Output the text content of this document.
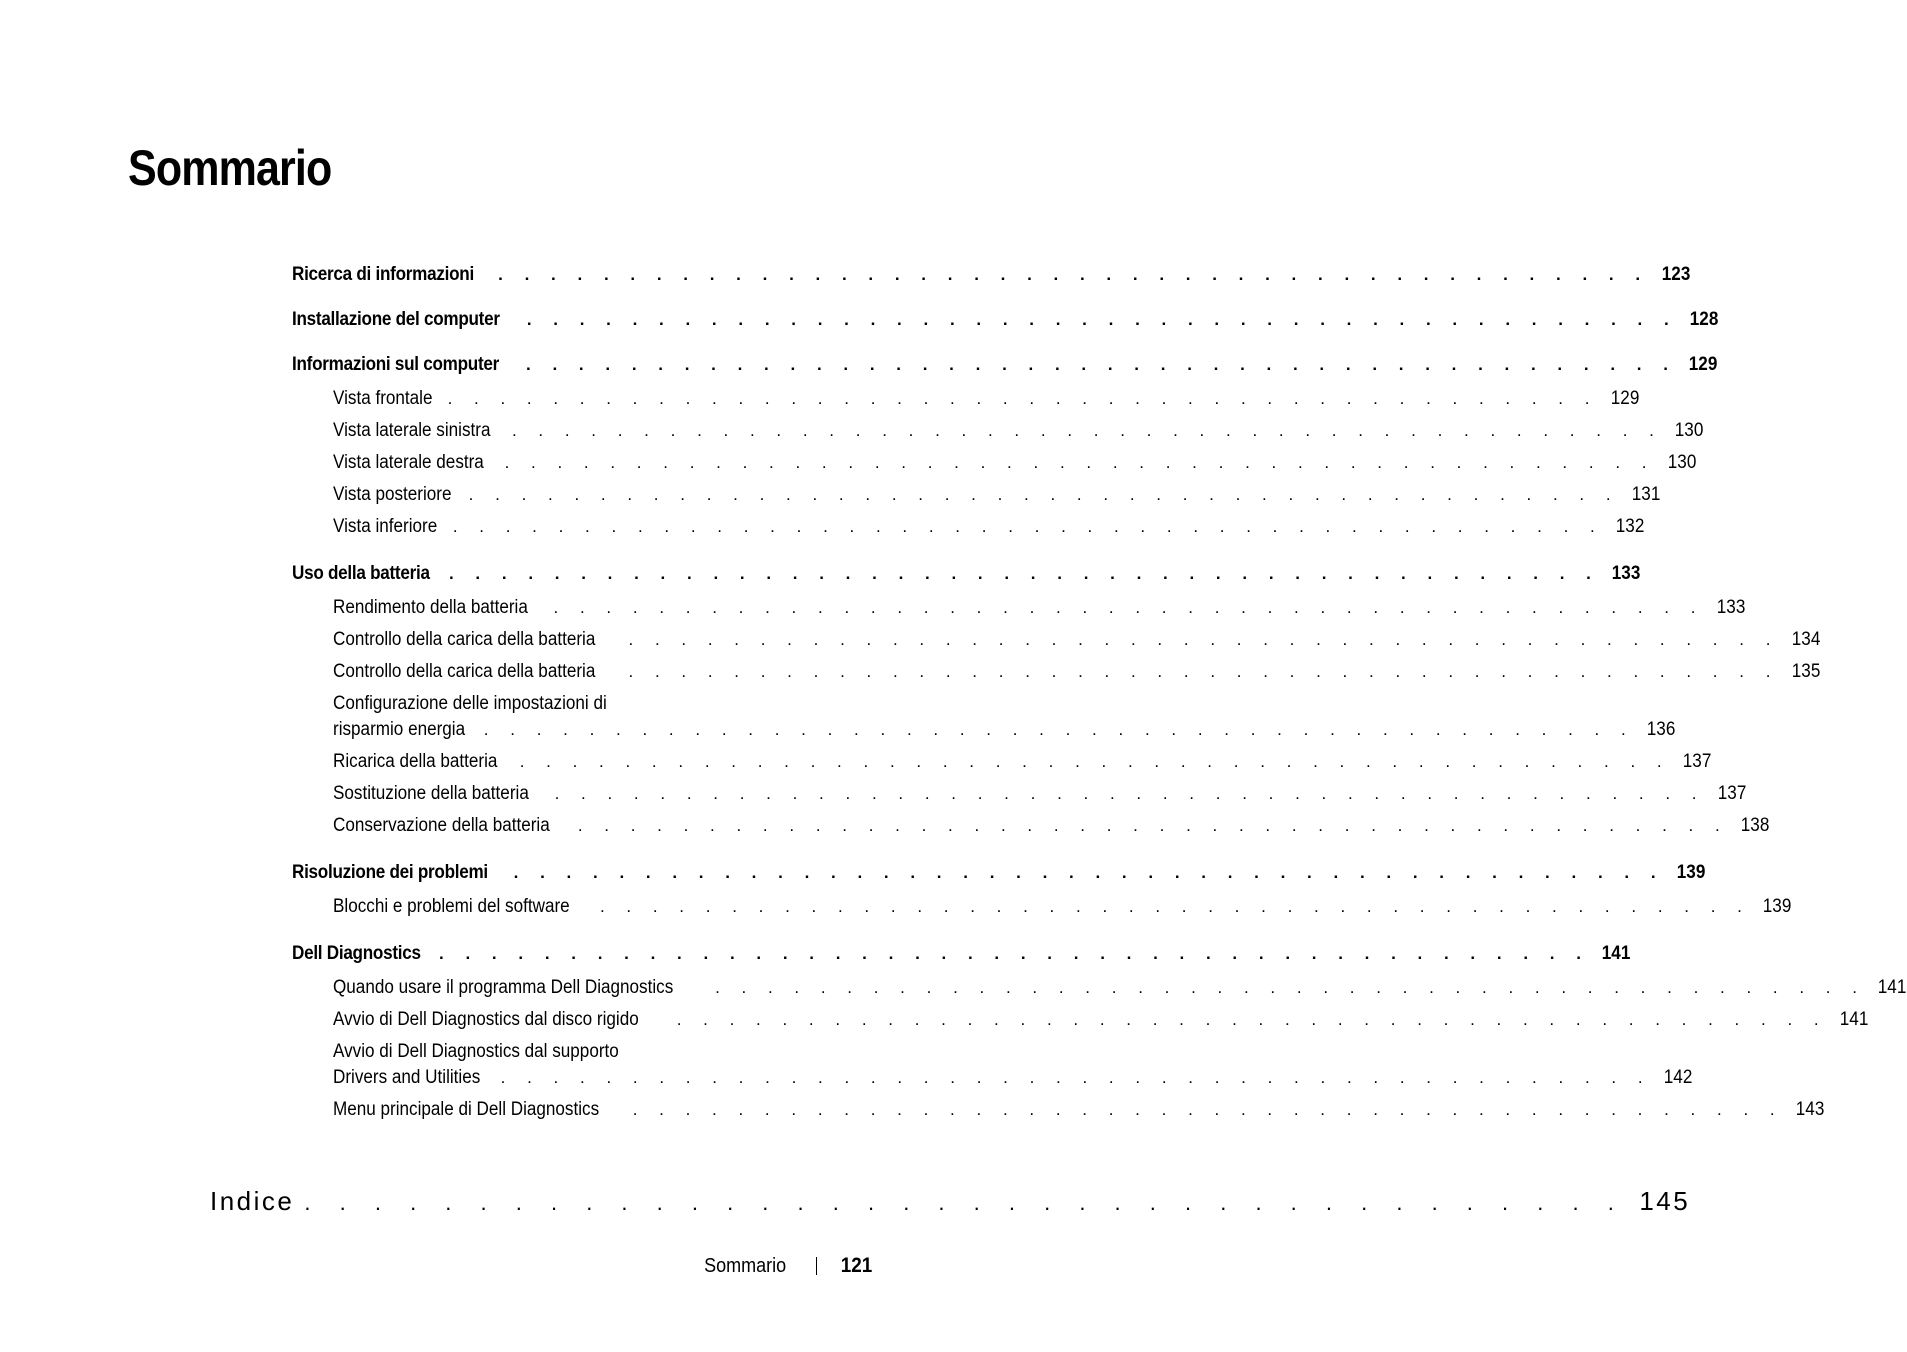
Sommario
Ricerca di informazioni . . . . . . . . . . . . . . . . . . . . . . . . . . . . . . . . . . . . . . . . . . . . 123
Installazione del computer . . . . . . . . . . . . . . . . . . . . . . . . . . . . . . . . . . . . . . . . . . . . 128
Informazioni sul computer . . . . . . . . . . . . . . . . . . . . . . . . . . . . . . . . . . . . . . . . . . . . 129
Vista frontale . . . . . . . . . . . . . . . . . . . . . . . . . . . . . . . . . . . . . . . . . . . . 129
Vista laterale sinistra . . . . . . . . . . . . . . . . . . . . . . . . . . . . . . . . . . . . . . . . . . . . 130
Vista laterale destra . . . . . . . . . . . . . . . . . . . . . . . . . . . . . . . . . . . . . . . . . . . . 130
Vista posteriore . . . . . . . . . . . . . . . . . . . . . . . . . . . . . . . . . . . . . . . . . . . . 131
Vista inferiore . . . . . . . . . . . . . . . . . . . . . . . . . . . . . . . . . . . . . . . . . . . . 132
Uso della batteria . . . . . . . . . . . . . . . . . . . . . . . . . . . . . . . . . . . . . . . . . . . . 133
Rendimento della batteria . . . . . . . . . . . . . . . . . . . . . . . . . . . . . . . . . . . . . . . . . . . . 133
Controllo della carica della batteria . . . . . . . . . . . . . . . . . . . . . . . . . . . . . . . . . . . . . . . . . . . . 134
Controllo della carica della batteria . . . . . . . . . . . . . . . . . . . . . . . . . . . . . . . . . . . . . . . . . . . . 135
Configurazione delle impostazioni di
risparmio energia . . . . . . . . . . . . . . . . . . . . . . . . . . . . . . . . . . . . . . . . . . . . 136
Ricarica della batteria . . . . . . . . . . . . . . . . . . . . . . . . . . . . . . . . . . . . . . . . . . . . 137
Sostituzione della batteria . . . . . . . . . . . . . . . . . . . . . . . . . . . . . . . . . . . . . . . . . . . . 137
Conservazione della batteria . . . . . . . . . . . . . . . . . . . . . . . . . . . . . . . . . . . . . . . . . . . . 138
Risoluzione dei problemi . . . . . . . . . . . . . . . . . . . . . . . . . . . . . . . . . . . . . . . . . . . . 139
Blocchi e problemi del software . . . . . . . . . . . . . . . . . . . . . . . . . . . . . . . . . . . . . . . . . . . . 139
Dell Diagnostics . . . . . . . . . . . . . . . . . . . . . . . . . . . . . . . . . . . . . . . . . . . . 141
Quando usare il programma Dell Diagnostics . . . . . . . . . . . . . . . . . . . . . . . . . . . . . . . . . . . . . . . . . . . . 141
Avvio di Dell Diagnostics dal disco rigido . . . . . . . . . . . . . . . . . . . . . . . . . . . . . . . . . . . . . . . . . . . . 141
Avvio di Dell Diagnostics dal supporto
Drivers and Utilities . . . . . . . . . . . . . . . . . . . . . . . . . . . . . . . . . . . . . . . . . . . . 142
Menu principale di Dell Diagnostics . . . . . . . . . . . . . . . . . . . . . . . . . . . . . . . . . . . . . . . . . . . . 143
Indice . . . . . . . . . . . . . . . . . . . . . . . . . . . . . . . . . . . . . . 145
Sommario	121
